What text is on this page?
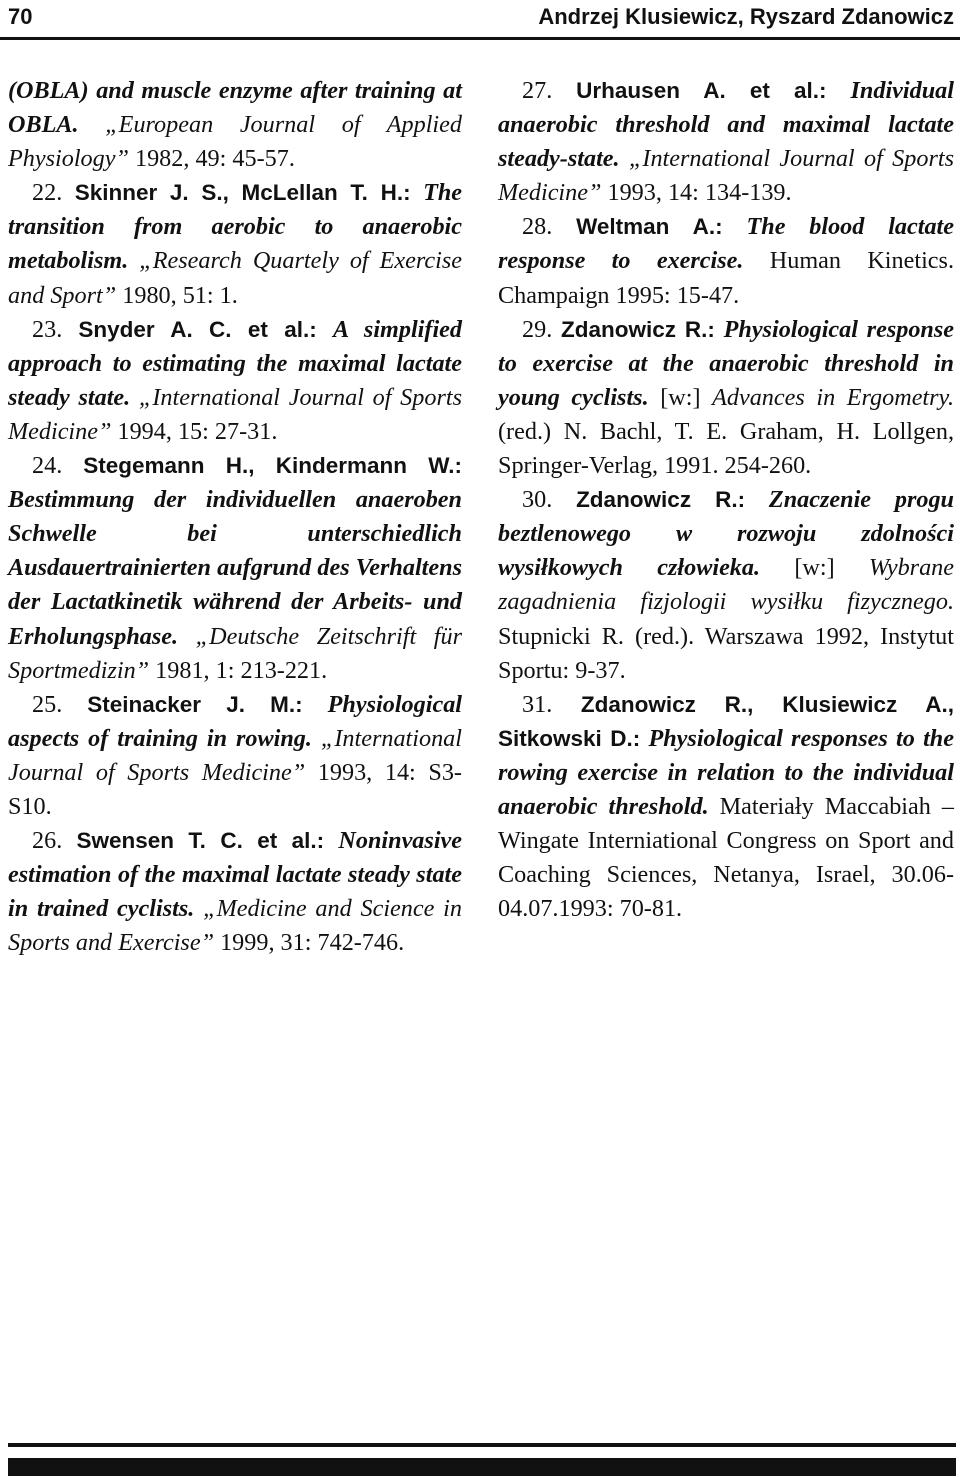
70	Andrzej Klusiewicz, Ryszard Zdanowicz

(OBLA) and muscle enzyme after training at OBLA. „European Journal of Applied Physiology” 1982, 49: 45-57.

22. Skinner J. S., McLellan T. H.: The transition from aerobic to anaerobic metabolism. „Research Quartely of Exercise and Sport” 1980, 51: 1.

23. Snyder A. C. et al.: A simplified approach to estimating the maximal lactate steady state. „International Journal of Sports Medicine” 1994, 15: 27-31.

24. Stegemann H., Kindermann W.: Bestimmung der individuellen anaeroben Schwelle bei unterschiedlich Ausdauertrainierten aufgrund des Verhaltens der Lactatkinetik während der Arbeits- und Erholungsphase. „Deutsche Zeitschrift für Sportmedizin” 1981, 1: 213-221.

25. Steinacker J. M.: Physiological aspects of training in rowing. „International Journal of Sports Medicine” 1993, 14: S3-S10.

26. Swensen T. C. et al.: Noninvasive estimation of the maximal lactate steady state in trained cyclists. „Medicine and Science in Sports and Exercise” 1999, 31: 742-746.

27. Urhausen A. et al.: Individual anaerobic threshold and maximal lactate steady-state. „International Journal of Sports Medicine” 1993, 14: 134-139.

28. Weltman A.: The blood lactate response to exercise. Human Kinetics. Champaign 1995: 15-47.

29. Zdanowicz R.: Physiological response to exercise at the anaerobic threshold in young cyclists. [w:] Advances in Ergometry. (red.) N. Bachl, T. E. Graham, H. Lollgen, Springer-Verlag, 1991. 254-260.

30. Zdanowicz R.: Znaczenie progu beztlenowego w rozwoju zdolności wysiłkowych człowieka. [w:] Wybrane zagadnienia fizjologii wysiłku fizycznego. Stupnicki R. (red.). Warszawa 1992, Instytut Sportu: 9-37.

31. Zdanowicz R., Klusiewicz A., Sitkowski D.: Physiological responses to the rowing exercise in relation to the individual anaerobic threshold. Materiały Maccabiah – Wingate Interniational Congress on Sport and Coaching Sciences, Netanya, Israel, 30.06-04.07.1993: 70-81.
